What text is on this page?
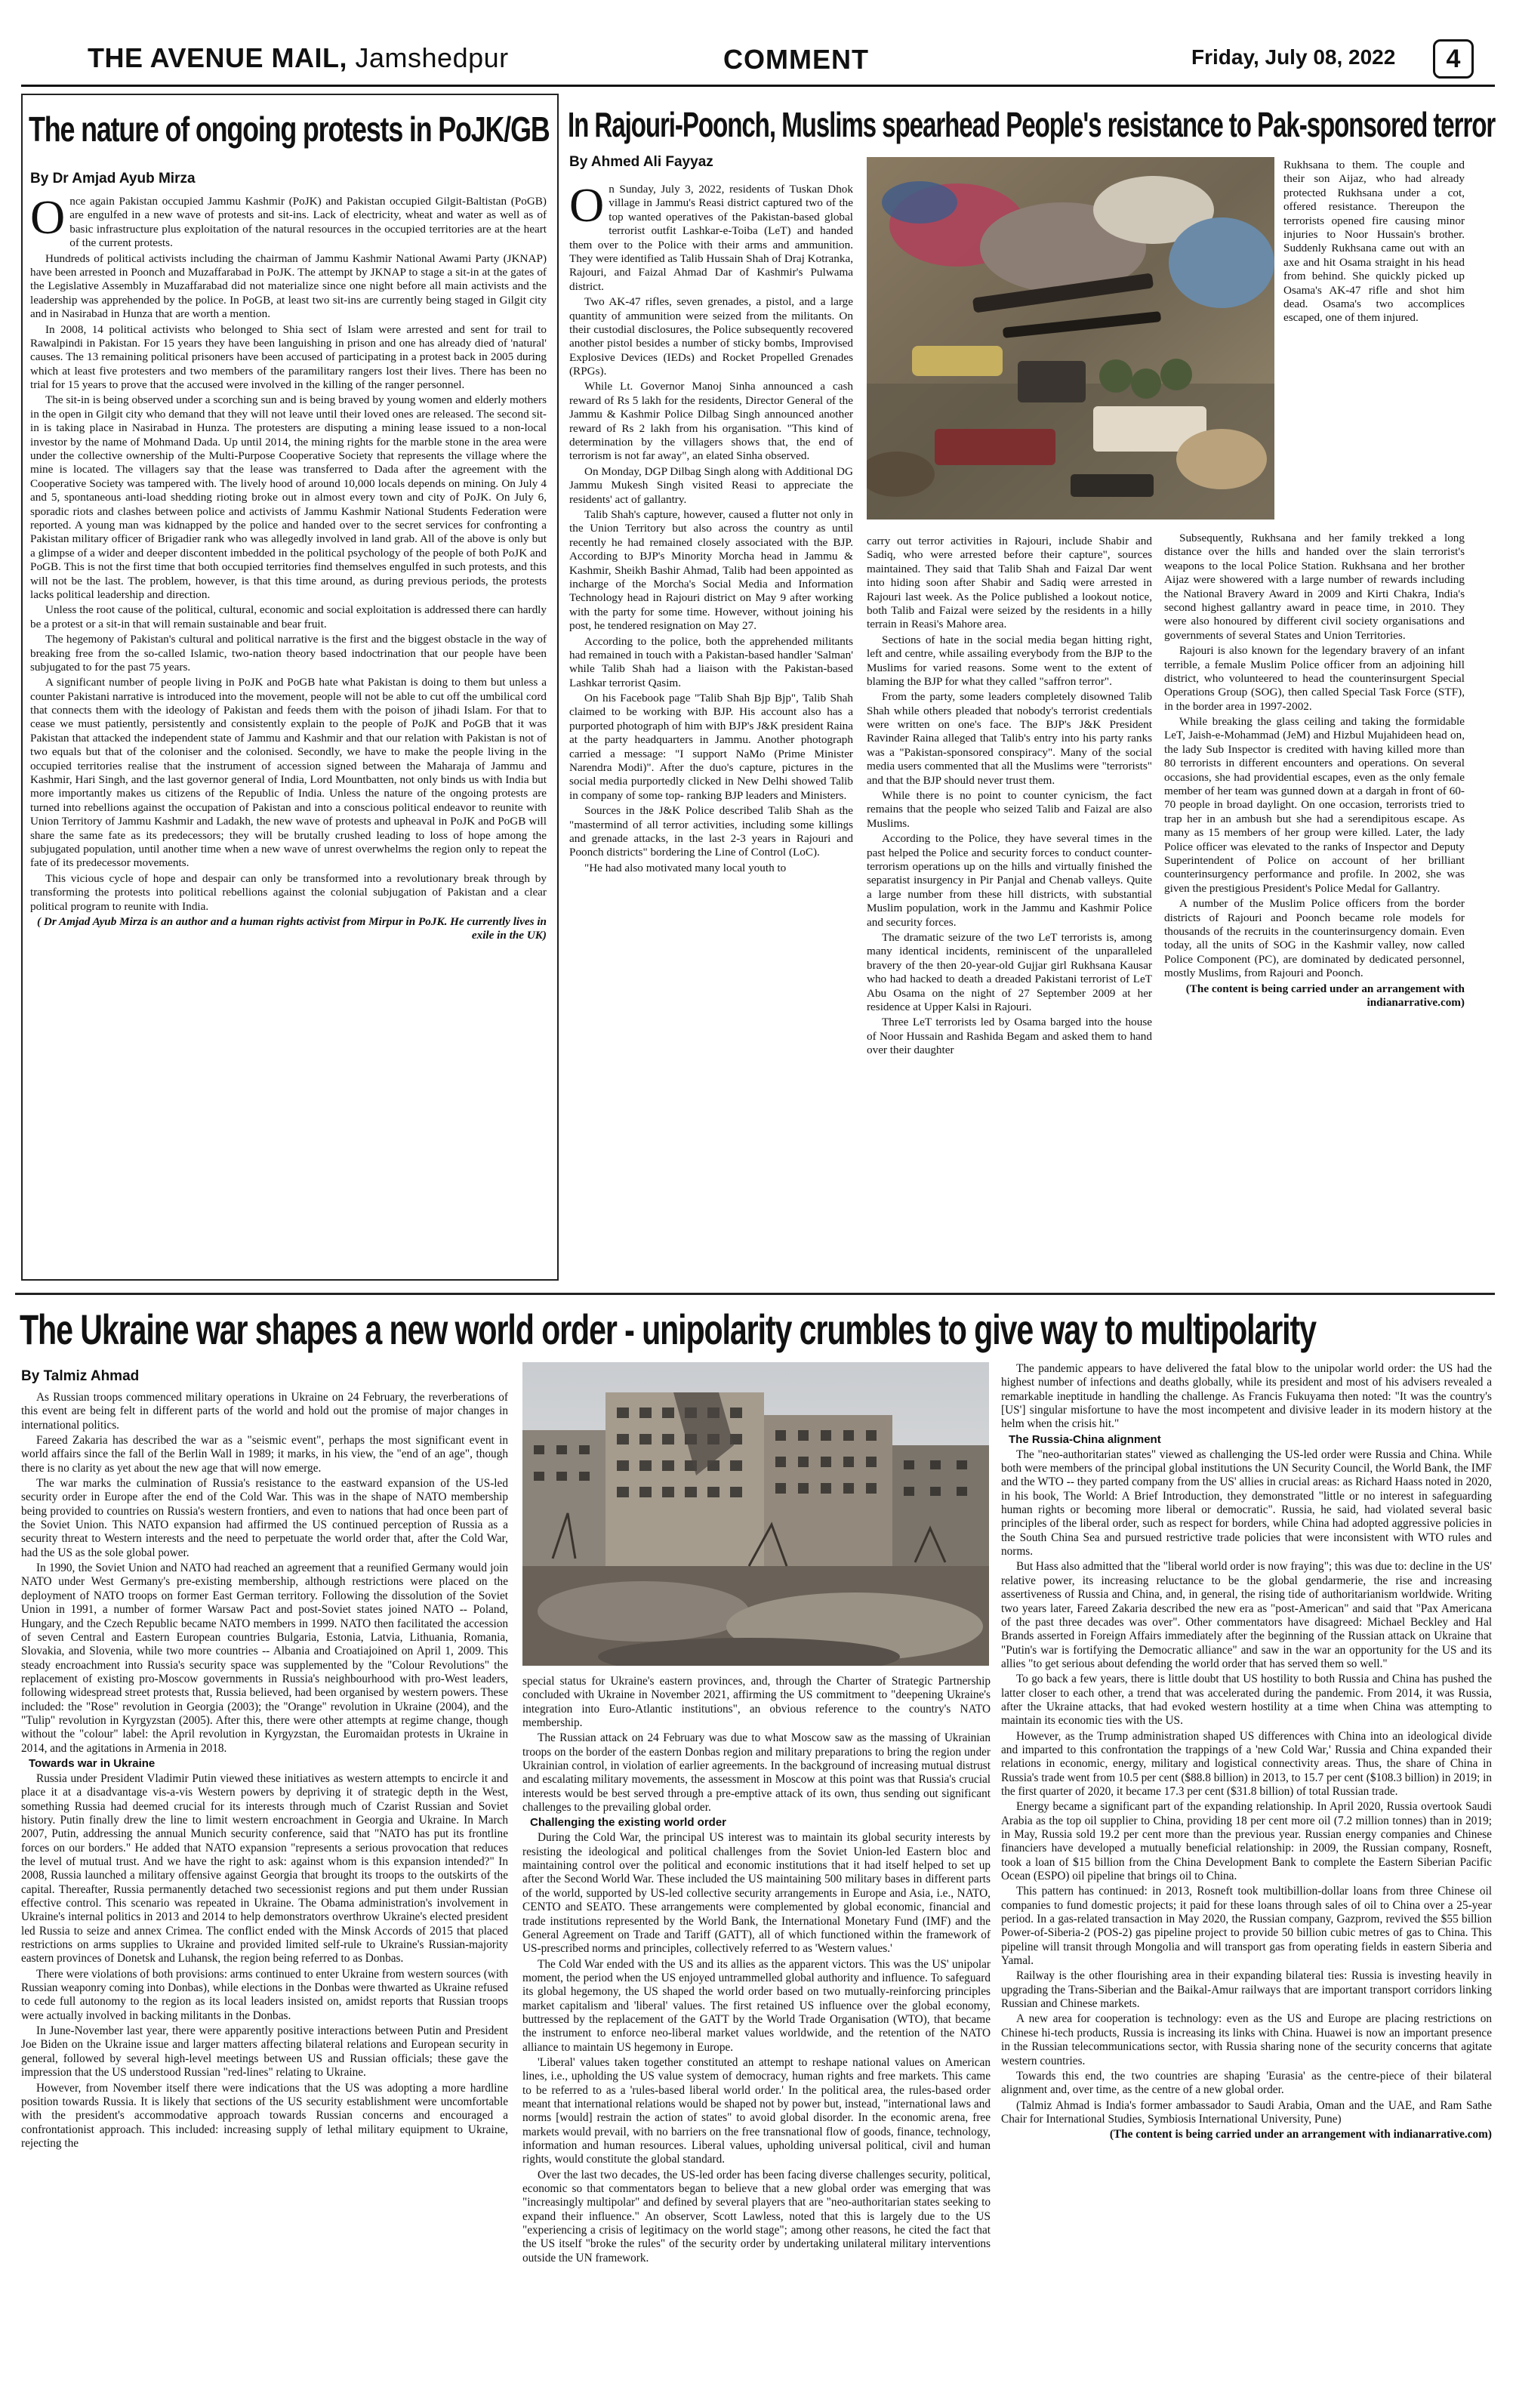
THE AVENUE MAIL, Jamshedpur	COMMENT	Friday, July 08, 2022	4
The nature of ongoing protests in PoJK/GB
By Dr Amjad Ayub Mirza

Once again Pakistan occupied Jammu Kashmir (PoJK) and Pakistan occupied Gilgit-Baltistan (PoGB) are engulfed in a new wave of protests and sit-ins. Lack of electricity, wheat and water as well as of basic infrastructure plus exploitation of the natural resources in the occupied territories are at the heart of the current protests.

Hundreds of political activists including the chairman of Jammu Kashmir National Awami Party (JKNAP) have been arrested in Poonch and Muzaffarabad in PoJK. The attempt by JKNAP to stage a sit-in at the gates of the Legislative Assembly in Muzaffarabad did not materialize since one night before all main activists and the leadership was apprehended by the police. In PoGB, at least two sit-ins are currently being staged in Gilgit city and in Nasirabad in Hunza that are worth a mention.

In 2008, 14 political activists who belonged to Shia sect of Islam were arrested and sent for trail to Rawalpindi in Pakistan. For 15 years they have been languishing in prison and one has already died of 'natural' causes. The 13 remaining political prisoners have been accused of participating in a protest back in 2005 during which at least five protesters and two members of the paramilitary rangers lost their lives. There has been no trial for 15 years to prove that the accused were involved in the killing of the ranger personnel.

The sit-in is being observed under a scorching sun and is being braved by young women and elderly mothers in the open in Gilgit city who demand that they will not leave until their loved ones are released. The second sit-in is taking place in Nasirabad in Hunza. The protesters are disputing a mining lease issued to a non-local investor by the name of Mohmand Dada. Up until 2014, the mining rights for the marble stone in the area were under the collective ownership of the Multi-Purpose Cooperative Society that represents the village where the mine is located. The villagers say that the lease was transferred to Dada after the agreement with the Cooperative Society was tampered with. The lively hood of around 10,000 locals depends on mining. On July 4 and 5, spontaneous anti-load shedding rioting broke out in almost every town and city of PoJK. On July 6, sporadic riots and clashes between police and activists of Jammu Kashmir National Students Federation were reported. A young man was kidnapped by the police and handed over to the secret services for confronting a Pakistan military officer of Brigadier rank who was allegedly involved in land grab. All of the above is only but a glimpse of a wider and deeper discontent imbedded in the political psychology of the people of both PoJK and PoGB. This is not the first time that both occupied territories find themselves engulfed in such protests, and this will not be the last. The problem, however, is that this time around, as during previous periods, the protests lacks political leadership and direction.

Unless the root cause of the political, cultural, economic and social exploitation is addressed there can hardly be a protest or a sit-in that will remain sustainable and bear fruit.

The hegemony of Pakistan's cultural and political narrative is the first and the biggest obstacle in the way of breaking free from the so-called Islamic, two-nation theory based indoctrination that our people have been subjugated to for the past 75 years.

A significant number of people living in PoJK and PoGB hate what Pakistan is doing to them but unless a counter Pakistani narrative is introduced into the movement, people will not be able to cut off the umbilical cord that connects them with the ideology of Pakistan and feeds them with the poison of jihadi Islam. For that to cease we must patiently, persistently and consistently explain to the people of PoJK and PoGB that it was Pakistan that attacked the independent state of Jammu and Kashmir and that our relation with Pakistan is not of two equals but that of the coloniser and the colonised. Secondly, we have to make the people living in the occupied territories realise that the instrument of accession signed between the Maharaja of Jammu and Kashmir, Hari Singh, and the last governor general of India, Lord Mountbatten, not only binds us with India but more importantly makes us citizens of the Republic of India. Unless the nature of the ongoing protests are turned into rebellions against the occupation of Pakistan and into a conscious political endeavor to reunite with Union Territory of Jammu Kashmir and Ladakh, the new wave of protests and upheaval in PoJK and PoGB will share the same fate as its predecessors; they will be brutally crushed leading to loss of hope among the subjugated population, until another time when a new wave of unrest overwhelms the region only to repeat the fate of its predecessor movements.

This vicious cycle of hope and despair can only be transformed into a revolutionary break through by transforming the protests into political rebellions against the colonial subjugation of Pakistan and a clear political program to reunite with India.

( Dr Amjad Ayub Mirza is an author and a human rights activist from Mirpur in PoJK. He currently lives in exile in the UK)

In Rajouri-Poonch, Muslims spearhead People's resistance to Pak-sponsored terror
By Ahmed Ali Fayyaz

On Sunday, July 3, 2022, residents of Tuskan Dhok village in Jammu's Reasi district captured two of the top wanted operatives of the Pakistan-based global terrorist outfit Lashkar-e-Toiba (LeT) and handed them over to the Police with their arms and ammunition. They were identified as Talib Hussain Shah of Draj Kotranka, Rajouri, and Faizal Ahmad Dar of Kashmir's Pulwama district.

Two AK-47 rifles, seven grenades, a pistol, and a large quantity of ammunition were seized from the militants. On their custodial disclosures, the Police subsequently recovered another pistol besides a number of sticky bombs, Improvised Explosive Devices (IEDs) and Rocket Propelled Grenades (RPGs).

While Lt. Governor Manoj Sinha announced a cash reward of Rs 5 lakh for the residents, Director General of the Jammu & Kashmir Police Dilbag Singh announced another reward of Rs 2 lakh from his organisation. "This kind of determination by the villagers shows that, the end of terrorism is not far away", an elated Sinha observed.

On Monday, DGP Dilbag Singh along with Additional DG Jammu Mukesh Singh visited Reasi to appreciate the residents' act of gallantry.

Talib Shah's capture, however, caused a flutter not only in the Union Territory but also across the country as until recently he had remained closely associated with the BJP. According to BJP's Minority Morcha head in Jammu & Kashmir, Sheikh Bashir Ahmad, Talib had been appointed as incharge of the Morcha's Social Media and Information Technology head in Rajouri district on May 9 after working with the party for some time. However, without joining his post, he tendered resignation on May 27.

According to the police, both the apprehended militants had remained in touch with a Pakistan-based handler 'Salman' while Talib Shah had a liaison with the Pakistan-based Lashkar terrorist Qasim.

On his Facebook page "Talib Shah Bjp Bjp", Talib Shah claimed to be working with BJP. His account also has a purported photograph of him with BJP's J&K president Raina at the party headquarters in Jammu. Another photograph carried a message: "I support NaMo (Prime Minister Narendra Modi)". After the duo's capture, pictures in the social media purportedly clicked in New Delhi showed Talib in company of some top- ranking BJP leaders and Ministers.

Sources in the J&K Police described Talib Shah as the "mastermind of all terror activities, including some killings and grenade attacks, in the last 2-3 years in Rajouri and Poonch districts" bordering the Line of Control (LoC).

"He had also motivated many local youth to

carry out terror activities in Rajouri, include Shabir and Sadiq, who were arrested before their capture", sources maintained. They said that Talib Shah and Faizal Dar went into hiding soon after Shabir and Sadiq were arrested in Rajouri last week. As the Police published a lookout notice, both Talib and Faizal were seized by the residents in a hilly terrain in Reasi's Mahore area.

Sections of hate in the social media began hitting right, left and centre, while assailing everybody from the BJP to the Muslims for varied reasons. Some went to the extent of blaming the BJP for what they called "saffron terror".

From the party, some leaders completely disowned Talib Shah while others pleaded that nobody's terrorist credentials were written on one's face. The BJP's J&K President Ravinder Raina alleged that Talib's entry into his party ranks was a "Pakistan-sponsored conspiracy". Many of the social media users commented that all the Muslims were "terrorists" and that the BJP should never trust them.

While there is no point to counter cynicism, the fact remains that the people who seized Talib and Faizal are also Muslims.

According to the Police, they have several times in the past helped the Police and security forces to conduct counter-terrorism operations up on the hills and virtually finished the separatist insurgency in Pir Panjal and Chenab valleys. Quite a large number from these hill districts, with substantial Muslim population, work in the Jammu and Kashmir Police and security forces.

The dramatic seizure of the two LeT terrorists is, among many identical incidents, reminiscent of the unparalleled bravery of the then 20-year-old Gujjar girl Rukhsana Kausar who had hacked to death a dreaded Pakistani terrorist of LeT Abu Osama on the night of 27 September 2009 at her residence at Upper Kalsi in Rajouri.

Three LeT terrorists led by Osama barged into the house of Noor Hussain and Rashida Begam and asked them to hand over their daughter

Rukhsana to them. The couple and their son Aijaz, who had already protected Rukhsana under a cot, offered resistance. Thereupon the terrorists opened fire causing minor injuries to Noor Hussain's brother. Suddenly Rukhsana came out with an axe and hit Osama straight in his head from behind. She quickly picked up Osama's AK-47 rifle and shot him dead. Osama's two accomplices escaped, one of them injured.

Subsequently, Rukhsana and her family trekked a long distance over the hills and handed over the slain terrorist's weapons to the local Police Station. Rukhsana and her brother Aijaz were showered with a large number of rewards including the National Bravery Award in 2009 and Kirti Chakra, India's second highest gallantry award in peace time, in 2010. They were also honoured by different civil society organisations and governments of several States and Union Territories.

Rajouri is also known for the legendary bravery of an infant terrible, a female Muslim Police officer from an adjoining hill district, who volunteered to head the counterinsurgent Special Operations Group (SOG), then called Special Task Force (STF), in the border area in 1997-2002.

While breaking the glass ceiling and taking the formidable LeT, Jaish-e-Mohammad (JeM) and Hizbul Mujahideen head on, the lady Sub Inspector is credited with having killed more than 80 terrorists in different encounters and operations. On several occasions, she had providential escapes, even as the only female member of her team was gunned down at a dargah in front of 60-70 people in broad daylight. On one occasion, terrorists tried to trap her in an ambush but she had a serendipitous escape. As many as 15 members of her group were killed. Later, the lady Police officer was elevated to the ranks of Inspector and Deputy Superintendent of Police on account of her brilliant counterinsurgency performance and profile. In 2002, she was given the prestigious President's Police Medal for Gallantry.

A number of the Muslim Police officers from the border districts of Rajouri and Poonch became role models for thousands of the recruits in the counterinsurgency domain. Even today, all the units of SOG in the Kashmir valley, now called Police Component (PC), are dominated by dedicated personnel, mostly Muslims, from Rajouri and Poonch.

(The content is being carried under an arrangement with indianarrative.com)

The Ukraine war shapes a new world order - unipolarity crumbles to give way to multipolarity
By Talmiz Ahmad

As Russian troops commenced military operations in Ukraine on 24 February, the reverberations of this event are being felt in different parts of the world and hold out the promise of major changes in international politics.

Fareed Zakaria has described the war as a "seismic event", perhaps the most significant event in world affairs since the fall of the Berlin Wall in 1989; it marks, in his view, the "end of an age", though there is no clarity as yet about the new age that will now emerge.

The war marks the culmination of Russia's resistance to the eastward expansion of the US-led security order in Europe after the end of the Cold War. This was in the shape of NATO membership being provided to countries on Russia's western frontiers, and even to nations that had once been part of the Soviet Union. This NATO expansion had affirmed the US continued perception of Russia as a security threat to Western interests and the need to perpetuate the world order that, after the Cold War, had the US as the sole global power.

In 1990, the Soviet Union and NATO had reached an agreement that a reunified Germany would join NATO under West Germany's pre-existing membership, although restrictions were placed on the deployment of NATO troops on former East German territory. Following the dissolution of the Soviet Union in 1991, a number of former Warsaw Pact and post-Soviet states joined NATO -- Poland, Hungary, and the Czech Republic became NATO members in 1999. NATO then facilitated the accession of seven Central and Eastern European countries Bulgaria, Estonia, Latvia, Lithuania, Romania, Slovakia, and Slovenia, while two more countries -- Albania and Croatiajoined on April 1, 2009. This steady encroachment into Russia's security space was supplemented by the "Colour Revolutions" the replacement of existing pro-Moscow governments in Russia's neighbourhood with pro-West leaders, following widespread street protests that, Russia believed, had been organised by western powers. These included: the "Rose" revolution in Georgia (2003); the "Orange" revolution in Ukraine (2004), and the "Tulip" revolution in Kyrgyzstan (2005). After this, there were other attempts at regime change, though without the "colour" label: the April revolution in Kyrgyzstan, the Euromaidan protests in Ukraine in 2014, and the agitations in Armenia in 2018.

Towards war in Ukraine

Russia under President Vladimir Putin viewed these initiatives as western attempts to encircle it and place it at a disadvantage vis-a-vis Western powers by depriving it of strategic depth in the West, something Russia had deemed crucial for its interests through much of Czarist Russian and Soviet history. Putin finally drew the line to limit western encroachment in Georgia and Ukraine. In March 2007, Putin, addressing the annual Munich security conference, said that "NATO has put its frontline forces on our borders." He added that NATO expansion "represents a serious provocation that reduces the level of mutual trust. And we have the right to ask: against whom is this expansion intended?" In 2008, Russia launched a military offensive against Georgia that brought its troops to the outskirts of the capital. Thereafter, Russia permanently detached two secessionist regions and put them under Russian effective control. This scenario was repeated in Ukraine. The Obama administration's involvement in Ukraine's internal politics in 2013 and 2014 to help demonstrators overthrow Ukraine's elected president led Russia to seize and annex Crimea. The conflict ended with the Minsk Accords of 2015 that placed restrictions on arms supplies to Ukraine and provided limited self-rule to Ukraine's Russian-majority eastern provinces of Donetsk and Luhansk, the region being referred to as Donbas.

There were violations of both provisions: arms continued to enter Ukraine from western sources (with Russian weaponry coming into Donbas), while elections in the Donbas were thwarted as Ukraine refused to cede full autonomy to the region as its local leaders insisted on, amidst reports that Russian troops were actually involved in backing militants in the Donbas.

In June-November last year, there were apparently positive interactions between Putin and President Joe Biden on the Ukraine issue and larger matters affecting bilateral relations and European security in general, followed by several high-level meetings between US and Russian officials; these gave the impression that the US understood Russian "red-lines" relating to Ukraine.

However, from November itself there were indications that the US was adopting a more hardline position towards Russia. It is likely that sections of the US security establishment were uncomfortable with the president's accommodative approach towards Russian concerns and encouraged a confrontationist approach. This included: increasing supply of lethal military equipment to Ukraine, rejecting the

special status for Ukraine's eastern provinces, and, through the Charter of Strategic Partnership concluded with Ukraine in November 2021, affirming the US commitment to "deepening Ukraine's integration into Euro-Atlantic institutions", an obvious reference to the country's NATO membership.

The Russian attack on 24 February was due to what Moscow saw as the massing of Ukrainian troops on the border of the eastern Donbas region and military preparations to bring the region under Ukrainian control, in violation of earlier agreements. In the background of increasing mutual distrust and escalating military movements, the assessment in Moscow at this point was that Russia's crucial interests would be best served through a pre-emptive attack of its own, thus sending out significant challenges to the prevailing global order.

Challenging the existing world order

During the Cold War, the principal US interest was to maintain its global security interests by resisting the ideological and political challenges from the Soviet Union-led Eastern bloc and maintaining control over the political and economic institutions that it had itself helped to set up after the Second World War. These included the US maintaining 500 military bases in different parts of the world, supported by US-led collective security arrangements in Europe and Asia, i.e., NATO, CENTO and SEATO. These arrangements were complemented by global economic, financial and trade institutions represented by the World Bank, the International Monetary Fund (IMF) and the General Agreement on Trade and Tariff (GATT), all of which functioned within the framework of US-prescribed norms and principles, collectively referred to as 'Western values.'

The Cold War ended with the US and its allies as the apparent victors. This was the US' unipolar moment, the period when the US enjoyed untrammelled global authority and influence. To safeguard its global hegemony, the US shaped the world order based on two mutually-reinforcing principles market capitalism and 'liberal' values. The first retained US influence over the global economy, buttressed by the replacement of the GATT by the World Trade Organisation (WTO), that became the instrument to enforce neo-liberal market values worldwide, and the retention of the NATO alliance to maintain US hegemony in Europe.

'Liberal' values taken together constituted an attempt to reshape national values on American lines, i.e., upholding the US value system of democracy, human rights and free markets. This came to be referred to as a 'rules-based liberal world order.' In the political area, the rules-based order meant that international relations would be shaped not by power but, instead, "international laws and norms [would] restrain the action of states" to avoid global disorder. In the economic arena, free markets would prevail, with no barriers on the free transnational flow of goods, finance, technology, information and human resources. Liberal values, upholding universal political, civil and human rights, would constitute the global standard.

Over the last two decades, the US-led order has been facing diverse challenges security, political, economic so that commentators began to believe that a new global order was emerging that was "increasingly multipolar" and defined by several players that are "neo-authoritarian states seeking to expand their influence." An observer, Scott Lawless, noted that this is largely due to the US "experiencing a crisis of legitimacy on the world stage"; among other reasons, he cited the fact that the US itself "broke the rules" of the security order by undertaking unilateral military interventions outside the UN framework.

The pandemic appears to have delivered the fatal blow to the unipolar world order: the US had the highest number of infections and deaths globally, while its president and most of his advisers revealed a remarkable ineptitude in handling the challenge. As Francis Fukuyama then noted: "It was the country's [US'] singular misfortune to have the most incompetent and divisive leader in its modern history at the helm when the crisis hit."

The Russia-China alignment

The "neo-authoritarian states" viewed as challenging the US-led order were Russia and China. While both were members of the principal global institutions the UN Security Council, the World Bank, the IMF and the WTO -- they parted company from the US' allies in crucial areas: as Richard Haass noted in 2020, in his book, The World: A Brief Introduction, they demonstrated "little or no interest in safeguarding human rights or becoming more liberal or democratic". Russia, he said, had violated several basic principles of the liberal order, such as respect for borders, while China had adopted aggressive policies in the South China Sea and pursued restrictive trade policies that were inconsistent with WTO rules and norms.

But Hass also admitted that the "liberal world order is now fraying"; this was due to: decline in the US' relative power, its increasing reluctance to be the global gendarmerie, the rise and increasing assertiveness of Russia and China, and, in general, the rising tide of authoritarianism worldwide. Writing two years later, Fareed Zakaria described the new era as "post-American" and said that "Pax Americana of the past three decades was over". Other commentators have disagreed: Michael Beckley and Hal Brands asserted in Foreign Affairs immediately after the beginning of the Russian attack on Ukraine that "Putin's war is fortifying the Democratic alliance" and saw in the war an opportunity for the US and its allies "to get serious about defending the world order that has served them so well."

To go back a few years, there is little doubt that US hostility to both Russia and China has pushed the latter closer to each other, a trend that was accelerated during the pandemic. From 2014, it was Russia, after the Ukraine attacks, that had evoked western hostility at a time when China was attempting to maintain its economic ties with the US.

However, as the Trump administration shaped US differences with China into an ideological divide and imparted to this confrontation the trappings of a 'new Cold War,' Russia and China expanded their relations in economic, energy, military and logistical connectivity areas. Thus, the share of China in Russia's trade went from 10.5 per cent ($88.8 billion) in 2013, to 15.7 per cent ($108.3 billion) in 2019; in the first quarter of 2020, it became 17.3 per cent ($31.8 billion) of total Russian trade.

Energy became a significant part of the expanding relationship. In April 2020, Russia overtook Saudi Arabia as the top oil supplier to China, providing 18 per cent more oil (7.2 million tonnes) than in 2019; in May, Russia sold 19.2 per cent more than the previous year. Russian energy companies and Chinese financiers have developed a mutually beneficial relationship: in 2009, the Russian company, Rosneft, took a loan of $15 billion from the China Development Bank to complete the Eastern Siberian Pacific Ocean (ESPO) oil pipeline that brings oil to China.

This pattern has continued: in 2013, Rosneft took multibillion-dollar loans from three Chinese oil companies to fund domestic projects; it paid for these loans through sales of oil to China over a 25-year period. In a gas-related transaction in May 2020, the Russian company, Gazprom, revived the $55 billion Power-of-Siberia-2 (POS-2) gas pipeline project to provide 50 billion cubic metres of gas to China. This pipeline will transit through Mongolia and will transport gas from operating fields in eastern Siberia and Yamal.

Railway is the other flourishing area in their expanding bilateral ties: Russia is investing heavily in upgrading the Trans-Siberian and the Baikal-Amur railways that are important transport corridors linking Russian and Chinese markets.

A new area for cooperation is technology: even as the US and Europe are placing restrictions on Chinese hi-tech products, Russia is increasing its links with China. Huawei is now an important presence in the Russian telecommunications sector, with Russia sharing none of the security concerns that agitate western countries.

Towards this end, the two countries are shaping 'Eurasia' as the centre-piece of their bilateral alignment and, over time, as the centre of a new global order.

(Talmiz Ahmad is India's former ambassador to Saudi Arabia, Oman and the UAE, and Ram Sathe Chair for International Studies, Symbiosis International University, Pune)

(The content is being carried under an arrangement with indianarrative.com)
